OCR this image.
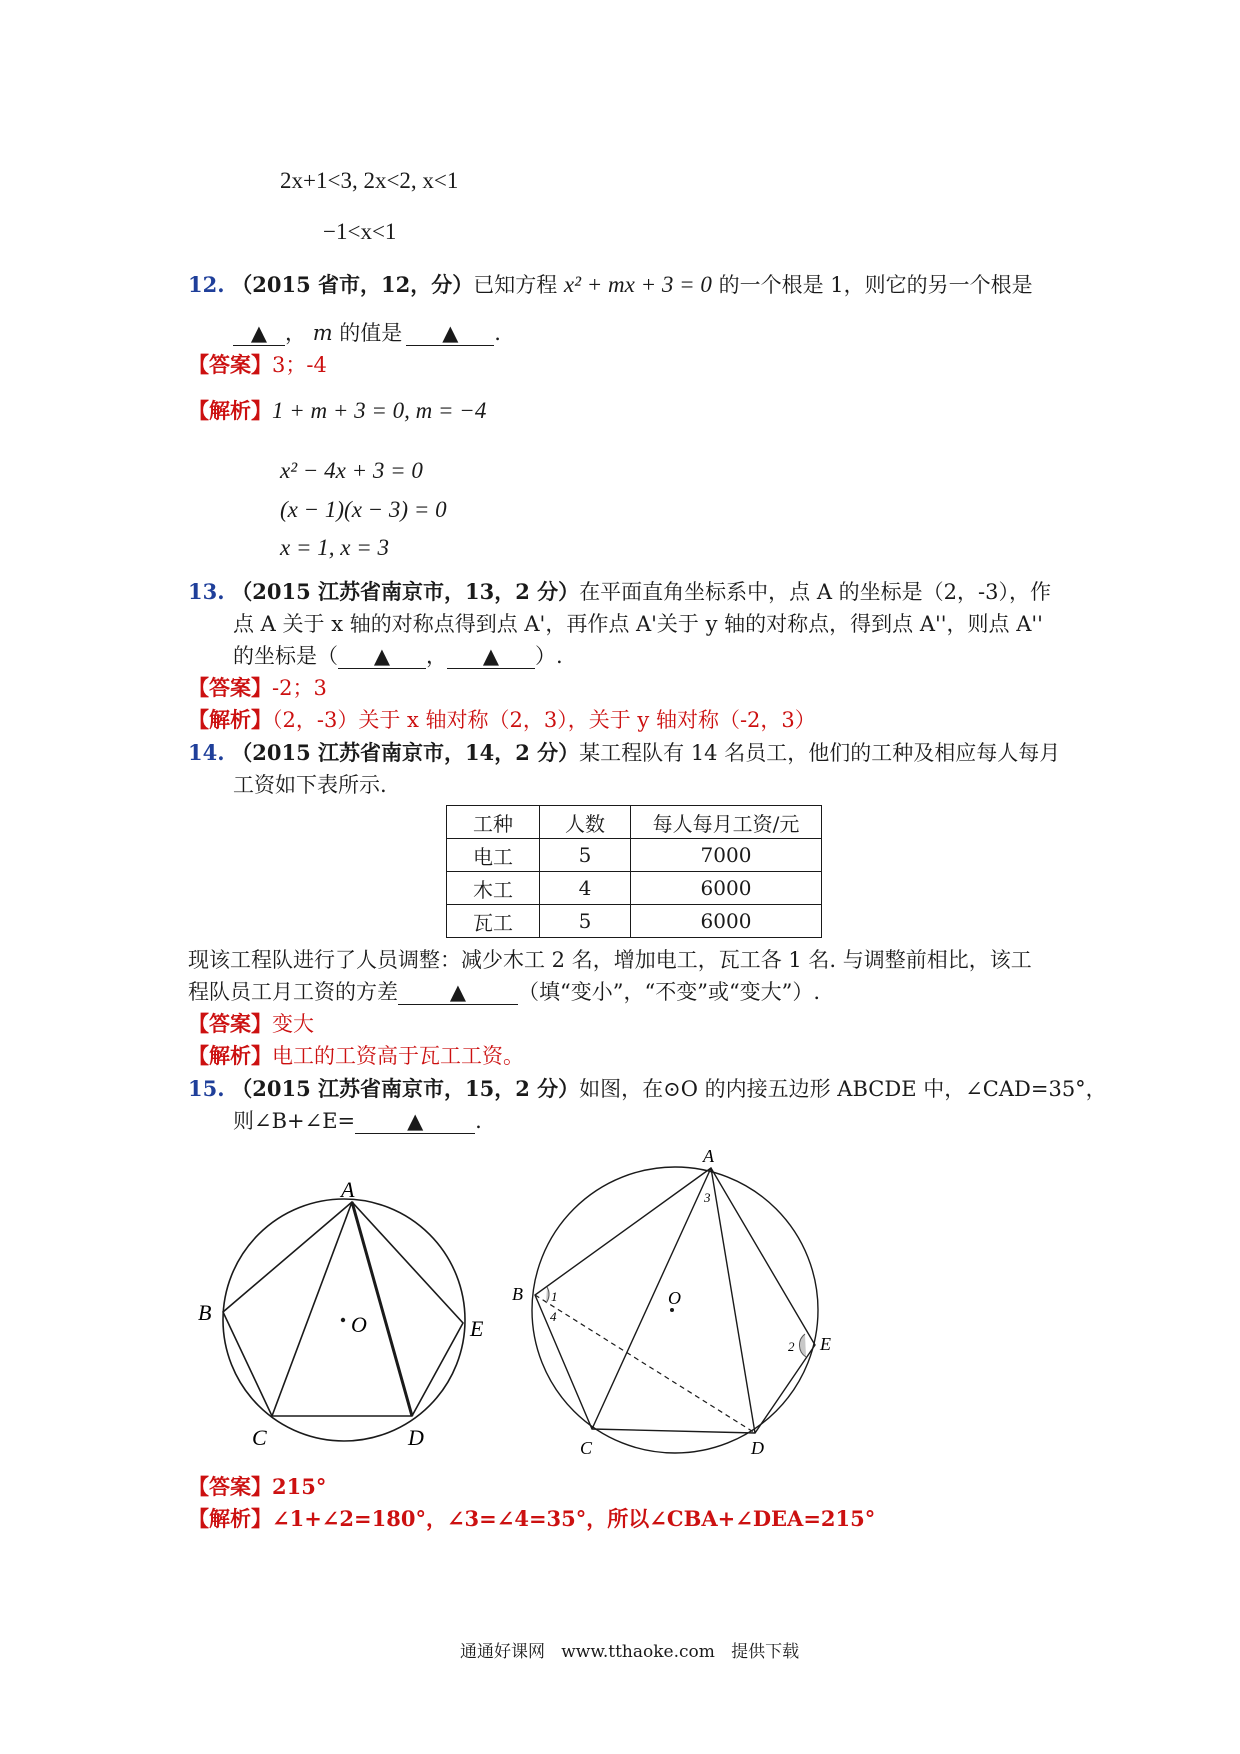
2x+1<3, 2x<2, x<1
−1<x<1
12. （2015 省市，12，分）已知方程 x² + mx + 3 = 0 的一个根是 1，则它的另一个根是
▲ ， m 的值是 ▲ .
【答案】3；-4
【解析】1 + m + 3 = 0, m = −4
x² − 4x + 3 = 0
(x − 1)(x − 3) = 0
x = 1, x = 3
13. （2015 江苏省南京市，13，2 分）在平面直角坐标系中，点 A 的坐标是（2，-3），作
点 A 关于 x 轴的对称点得到点 A'，再作点 A'关于 y 轴的对称点，得到点 A''，则点 A''
的坐标是（ ▲ ， ▲ ）.
【答案】-2；3
【解析】（2，-3）关于 x 轴对称（2，3），关于 y 轴对称（-2，3）
14. （2015 江苏省南京市，14，2 分）某工程队有 14 名员工，他们的工种及相应每人每月
工资如下表所示.
工种	人数	每人每月工资/元
电工	5	7000
木工	4	6000
瓦工	5	6000
现该工程队进行了人员调整：减少木工 2 名，增加电工，瓦工各 1 名. 与调整前相比，该工
程队员工月工资的方差 ▲ （填“变小”，“不变”或“变大”）.
【答案】变大
【解析】电工的工资高于瓦工工资。
15. （2015 江苏省南京市，15，2 分）如图，在⊙O 的内接五边形 ABCDE 中，∠CAD=35°，
则∠B+∠E= ▲ .
A
B
C	D
E
O
A
B
C	D
E
O
1
4
3
2
【答案】215°
【解析】∠1+∠2=180°，∠3=∠4=35°，所以∠CBA+∠DEA=215°
通通好课网   www.tthaoke.com   提供下载
